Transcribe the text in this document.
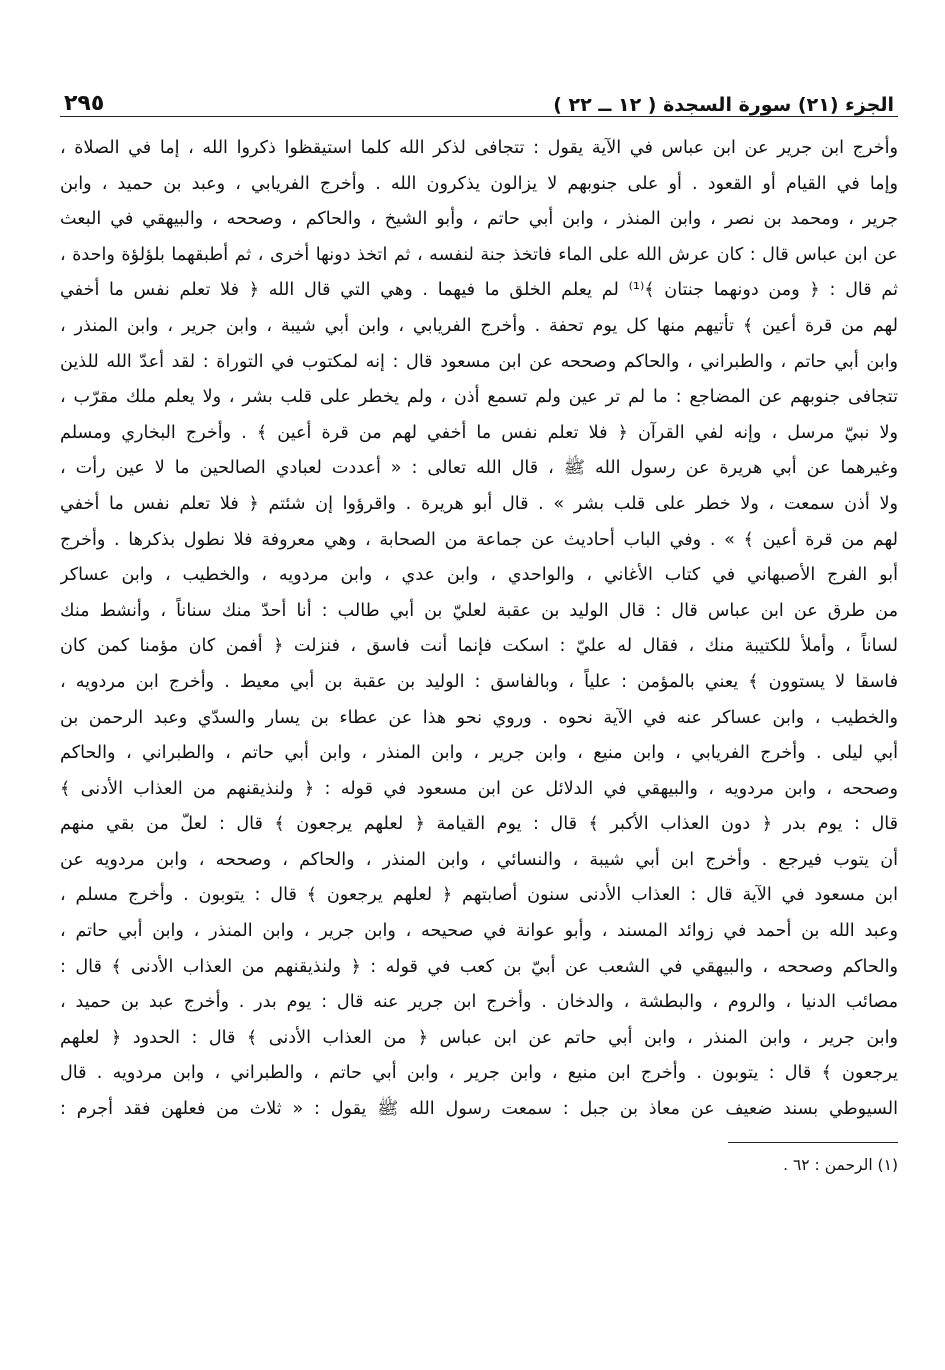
الجزء (٢١) سورة السجدة ( ١٢ ــ ٢٢ )
٢٩٥
وأخرج ابن جرير عن ابن عباس في الآية يقول : تتجافى لذكر الله كلما استيقظوا ذكروا الله ، إما في الصلاة ،
وإما في القيام أو القعود . أو على جنوبهم لا يزالون يذكرون الله . وأخرج الفريابي ، وعبد بن حميد ، وابن
جرير ، ومحمد بن نصر ، وابن المنذر ، وابن أبي حاتم ، وأبو الشيخ ، والحاكم ، وصححه ، والبيهقي في البعث
عن ابن عباس قال : كان عرش الله على الماء فاتخذ جنة لنفسه ، ثم اتخذ دونها أخرى ، ثم أطبقهما بلؤلؤة واحدة ،
ثم قال : ﴿ ومن دونهما جنتان ﴾⁽¹⁾ لم يعلم الخلق ما فيهما . وهي التي قال الله ﴿ فلا تعلم نفس ما أخفي
لهم من قرة أعين ﴾ تأتيهم منها كل يوم تحفة . وأخرج الفريابي ، وابن أبي شيبة ، وابن جرير ، وابن المنذر ،
وابن أبي حاتم ، والطبراني ، والحاكم وصححه عن ابن مسعود قال : إنه لمكتوب في التوراة : لقد أعدّ الله للذين
تتجافى جنوبهم عن المضاجع : ما لم تر عين ولم تسمع أذن ، ولم يخطر على قلب بشر ، ولا يعلم ملك مقرّب ،
ولا نبيّ مرسل ، وإنه لفي القرآن ﴿ فلا تعلم نفس ما أخفي لهم من قرة أعين ﴾ . وأخرج البخاري ومسلم
وغيرهما عن أبي هريرة عن رسول الله ﷺ ، قال الله تعالى : « أعددت لعبادي الصالحين ما لا عين رأت ،
ولا أذن سمعت ، ولا خطر على قلب بشر » . قال أبو هريرة . واقرؤوا إن شئتم ﴿ فلا تعلم نفس ما أخفي
لهم من قرة أعين ﴾ » . وفي الباب أحاديث عن جماعة من الصحابة ، وهي معروفة فلا نطول بذكرها . وأخرج
أبو الفرج الأصبهاني في كتاب الأغاني ، والواحدي ، وابن عدي ، وابن مردويه ، والخطيب ، وابن عساكر
من طرق عن ابن عباس قال : قال الوليد بن عقبة لعليّ بن أبي طالب : أنا أحدّ منك سناناً ، وأنشط منك
لساناً ، وأملأ للكتيبة منك ، فقال له عليّ : اسكت فإنما أنت فاسق ، فنزلت ﴿ أفمن كان مؤمنا كمن كان
فاسقا لا يستوون ﴾ يعني بالمؤمن : علياً ، وبالفاسق : الوليد بن عقبة بن أبي معيط . وأخرج ابن مردويه ،
والخطيب ، وابن عساكر عنه في الآية نحوه . وروي نحو هذا عن عطاء بن يسار والسدّي وعبد الرحمن بن
أبي ليلى . وأخرج الفريابي ، وابن منيع ، وابن جرير ، وابن المنذر ، وابن أبي حاتم ، والطبراني ، والحاكم
وصححه ، وابن مردويه ، والبيهقي في الدلائل عن ابن مسعود في قوله : ﴿ ولنذيقنهم من العذاب الأدنى ﴾
قال : يوم بدر ﴿ دون العذاب الأكبر ﴾ قال : يوم القيامة ﴿ لعلهم يرجعون ﴾ قال : لعلّ من بقي منهم
أن يتوب فيرجع . وأخرج ابن أبي شيبة ، والنسائي ، وابن المنذر ، والحاكم ، وصححه ، وابن مردويه عن
ابن مسعود في الآية قال : العذاب الأدنى سنون أصابتهم ﴿ لعلهم يرجعون ﴾ قال : يتوبون . وأخرج مسلم ،
وعبد الله بن أحمد في زوائد المسند ، وأبو عوانة في صحيحه ، وابن جرير ، وابن المنذر ، وابن أبي حاتم ،
والحاكم وصححه ، والبيهقي في الشعب عن أبيّ بن كعب في قوله : ﴿ ولنذيقنهم من العذاب الأدنى ﴾ قال :
مصائب الدنيا ، والروم ، والبطشة ، والدخان . وأخرج ابن جرير عنه قال : يوم بدر . وأخرج عبد بن حميد ،
وابن جرير ، وابن المنذر ، وابن أبي حاتم عن ابن عباس ﴿ من العذاب الأدنى ﴾ قال : الحدود ﴿ لعلهم
يرجعون ﴾ قال : يتوبون . وأخرج ابن منيع ، وابن جرير ، وابن أبي حاتم ، والطبراني ، وابن مردويه . قال
السيوطي بسند ضعيف عن معاذ بن جبل : سمعت رسول الله ﷺ يقول : « ثلاث من فعلهن فقد أجرم :
(١) الرحمن : ٦٢ .
